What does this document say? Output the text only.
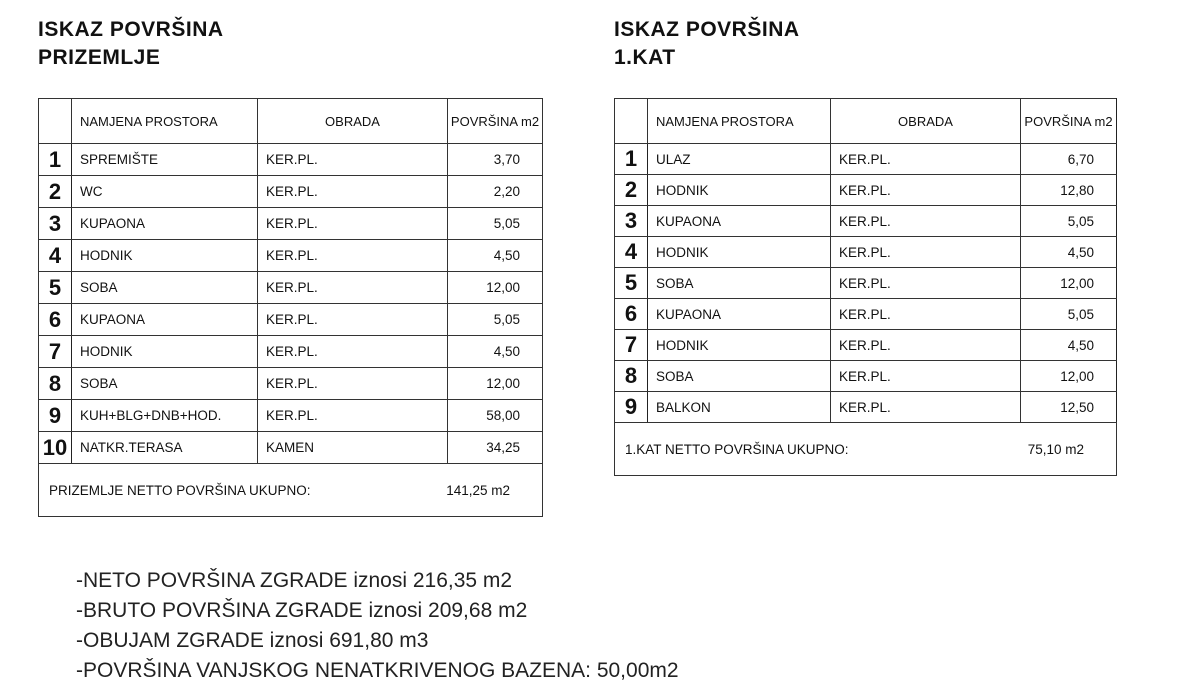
ISKAZ POVRŠINA
PRIZEMLJE
	NAMJENA PROSTORA	OBRADA	POVRŠINA m2
1	SPREMIŠTE	KER.PL.	3,70
2	WC	KER.PL.	2,20
3	KUPAONA	KER.PL.	5,05
4	HODNIK	KER.PL.	4,50
5	SOBA	KER.PL.	12,00
6	KUPAONA	KER.PL.	5,05
7	HODNIK	KER.PL.	4,50
8	SOBA	KER.PL.	12,00
9	KUH+BLG+DNB+HOD.	KER.PL.	58,00
10	NATKR.TERASA	KAMEN	34,25

PRIZEMLJE NETTO POVRŠINA UKUPNO: 141,25 m2			
ISKAZ POVRŠINA
1.KAT
	NAMJENA PROSTORA	OBRADA	POVRŠINA m2
1	ULAZ	KER.PL.	6,70
2	HODNIK	KER.PL.	12,80
3	KUPAONA	KER.PL.	5,05
4	HODNIK	KER.PL.	4,50
5	SOBA	KER.PL.	12,00
6	KUPAONA	KER.PL.	5,05
7	HODNIK	KER.PL.	4,50
8	SOBA	KER.PL.	12,00
9	BALKON	KER.PL.	12,50

1.KAT NETTO POVRŠINA UKUPNO: 75,10 m2			
-NETO POVRŠINA ZGRADE iznosi 216,35 m2
-BRUTO POVRŠINA ZGRADE iznosi 209,68 m2
-OBUJAM ZGRADE iznosi 691,80 m3
-POVRŠINA VANJSKOG NENATKRIVENOG BAZENA: 50,00m2
